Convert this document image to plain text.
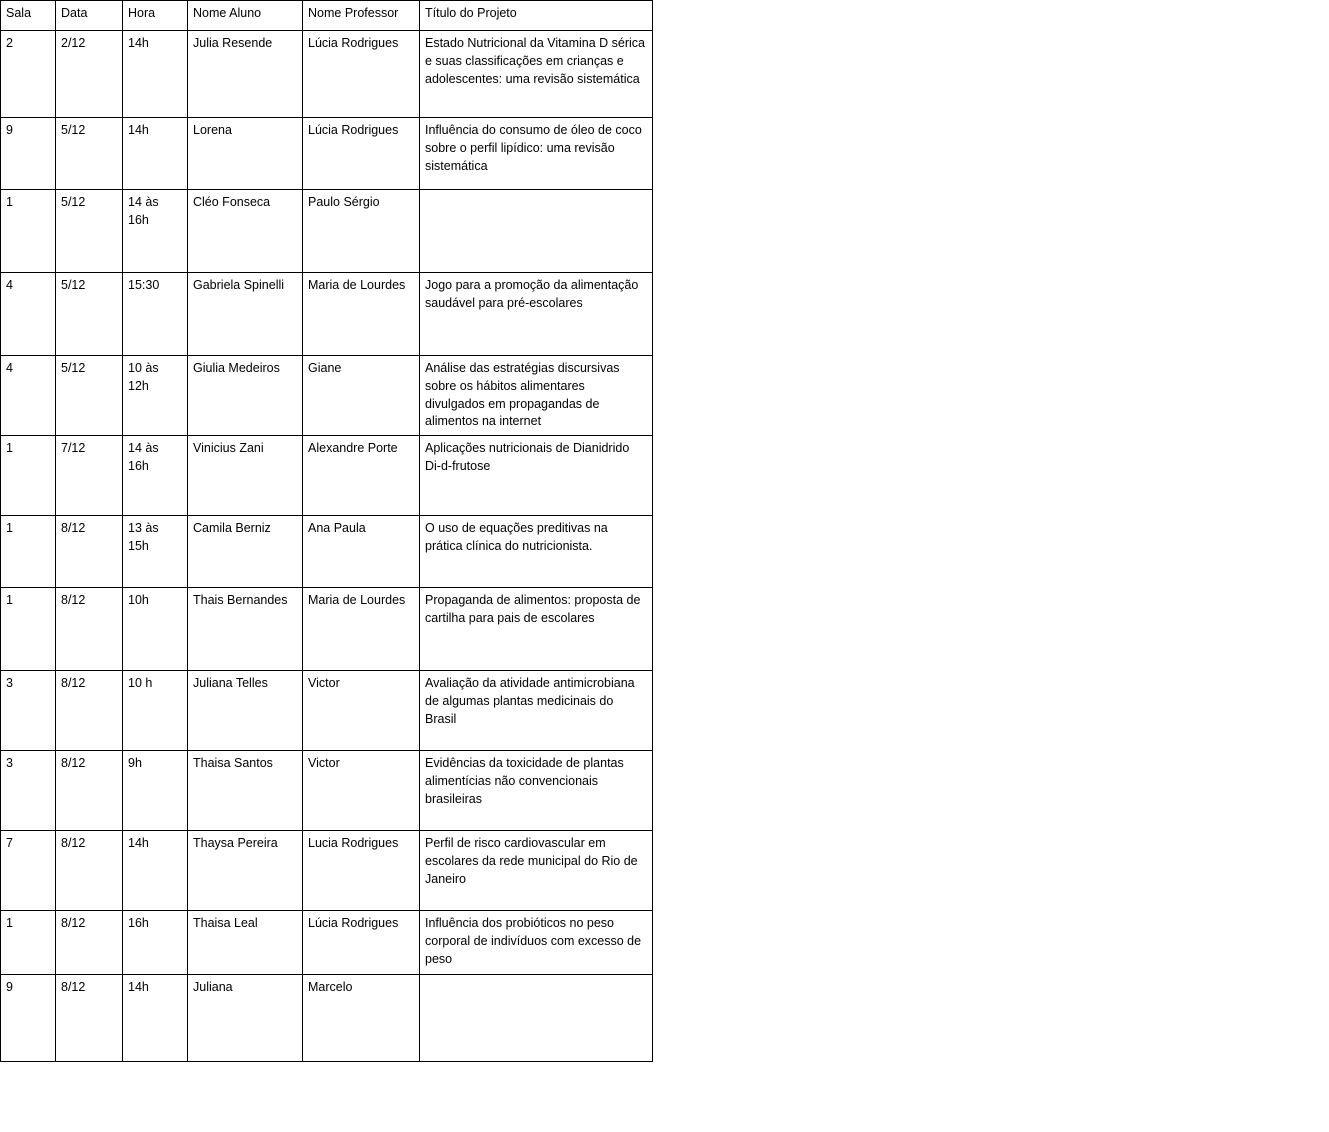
Sala	Data	Hora	Nome Aluno	Nome Professor	Título do Projeto
2	2/12	14h	Julia Resende	Lúcia Rodrigues	Estado Nutricional da Vitamina D sérica e suas classificações em crianças e adolescentes: uma revisão sistemática
9	5/12	14h	Lorena	Lúcia Rodrigues	Influência do consumo de óleo de coco sobre o perfil lipídico: uma revisão sistemática
1	5/12	14 às 16h	Cléo Fonseca	Paulo Sérgio	
4	5/12	15:30	Gabriela Spinelli	Maria de Lourdes	Jogo para a promoção da alimentação saudável para pré-escolares
4	5/12	10 às 12h	Giulia Medeiros	Giane	Análise das estratégias discursivas sobre os hábitos alimentares divulgados em propagandas de alimentos na internet
1	7/12	14 às 16h	Vinicius Zani	Alexandre Porte	Aplicações nutricionais de Dianidrido Di-d-frutose
1	8/12	13 às 15h	Camila Berniz	Ana Paula	O uso de equações preditivas na prática clínica do nutricionista.
1	8/12	10h	Thais Bernandes	Maria de Lourdes	Propaganda de alimentos: proposta de cartilha para pais de escolares
3	8/12	10 h	Juliana Telles	Victor	Avaliação da atividade antimicrobiana de algumas plantas medicinais do Brasil
3	8/12	9h	Thaisa Santos	Victor	Evidências da toxicidade de plantas alimentícias não convencionais brasileiras
7	8/12	14h	Thaysa Pereira	Lucia Rodrigues	Perfil de risco cardiovascular em escolares da rede municipal do Rio de Janeiro
1	8/12	16h	Thaisa Leal	Lúcia Rodrigues	Influência dos probióticos no peso corporal de indivíduos com excesso de peso
9	8/12	14h	Juliana	Marcelo	
